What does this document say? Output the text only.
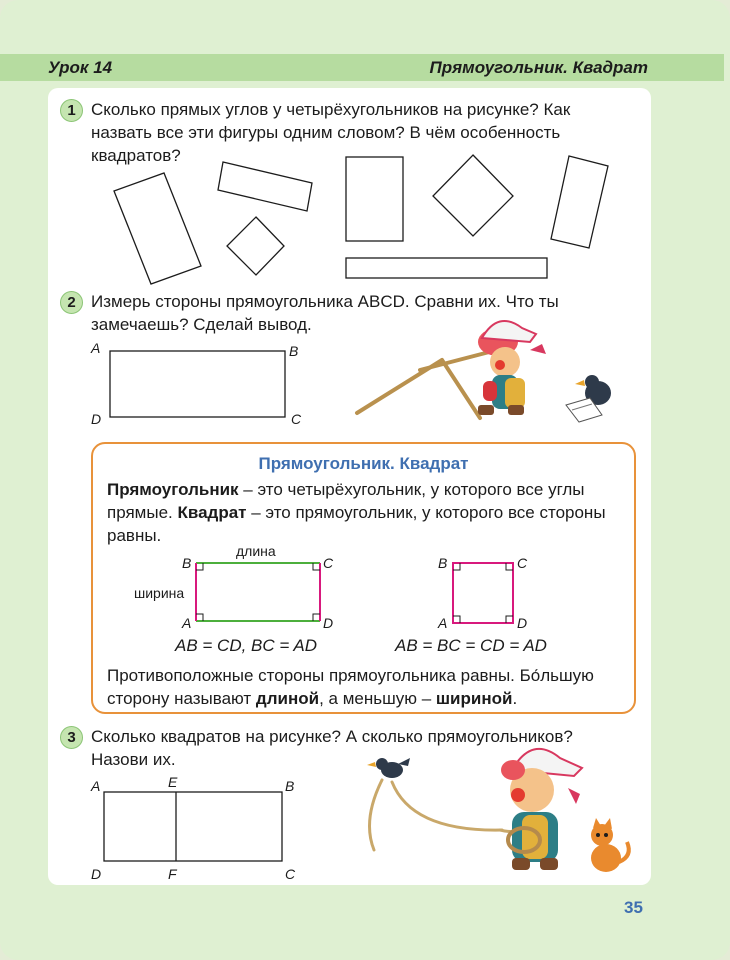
Урок 14	Прямоугольник. Квадрат
1 Сколько прямых углов у четырёхугольников на рисунке? Как
назвать все эти фигуры одним словом? В чём особенность
квадратов?
2 Измерь стороны прямоугольника ABCD. Сравни их. Что ты
замечаешь? Сделай вывод.
A	B
C
D
Прямоугольник. Квадрат
Прямоугольник – это четырёхугольник, у которого все углы прямые. Квадрат – это прямоугольник, у которого все стороны равны.
Противоположные стороны прямоугольника равны. Бо́льшую сторону называют длиной, а меньшую – шириной.
длина
ширина
B	C
A	D
B	C
A	D
AB = CD, BC = AD	AB = BC = CD = AD
3 Сколько квадратов на рисунке? А сколько прямоугольников?
Назови их.
A	E	B
D	F	C
35
